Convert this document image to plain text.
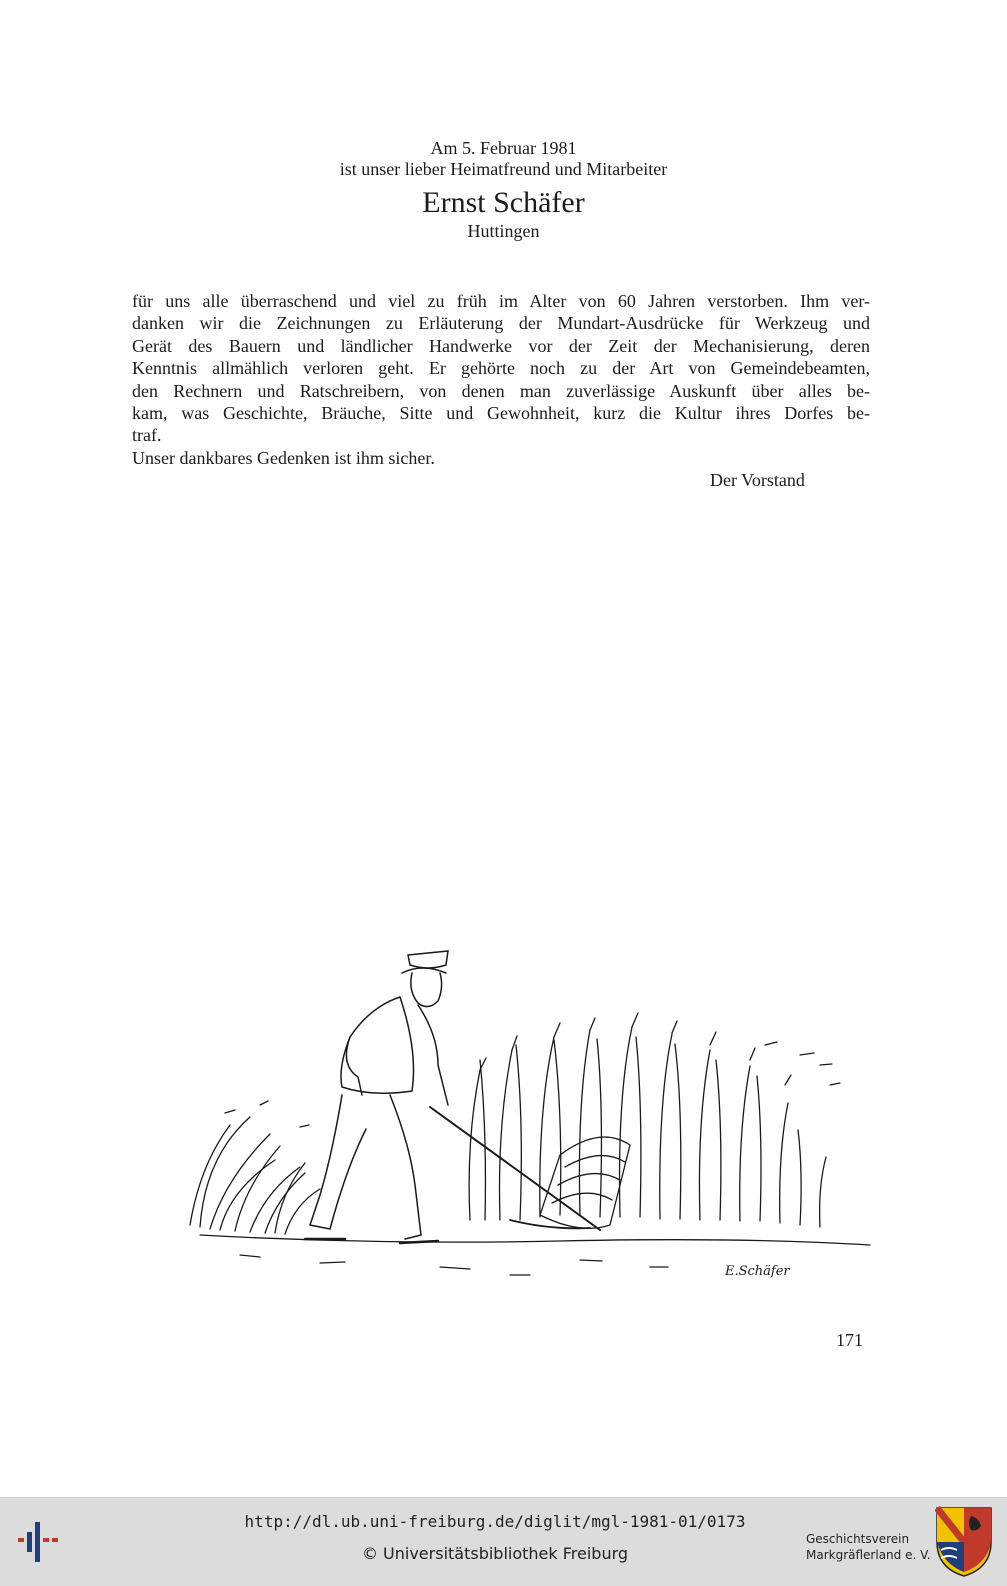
Am 5. Februar 1981
ist unser lieber Heimatfreund und Mitarbeiter
Ernst Schäfer
Huttingen
für uns alle überraschend und viel zu früh im Alter von 60 Jahren verstorben. Ihm ver-
danken wir die Zeichnungen zu Erläuterung der Mundart-Ausdrücke für Werkzeug und
Gerät des Bauern und ländlicher Handwerke vor der Zeit der Mechanisierung, deren
Kenntnis allmählich verloren geht. Er gehörte noch zu der Art von Gemeindebeamten,
den Rechnern und Ratschreibern, von denen man zuverlässige Auskunft über alles be-
kam, was Geschichte, Bräuche, Sitte und Gewohnheit, kurz die Kultur ihres Dorfes be-
traf.
Unser dankbares Gedenken ist ihm sicher.
Der Vorstand
E.Schäfer
171
http://dl.ub.uni-freiburg.de/diglit/mgl-1981-01/0173
© Universitätsbibliothek Freiburg
Geschichtsverein
Markgräflerland e. V.
